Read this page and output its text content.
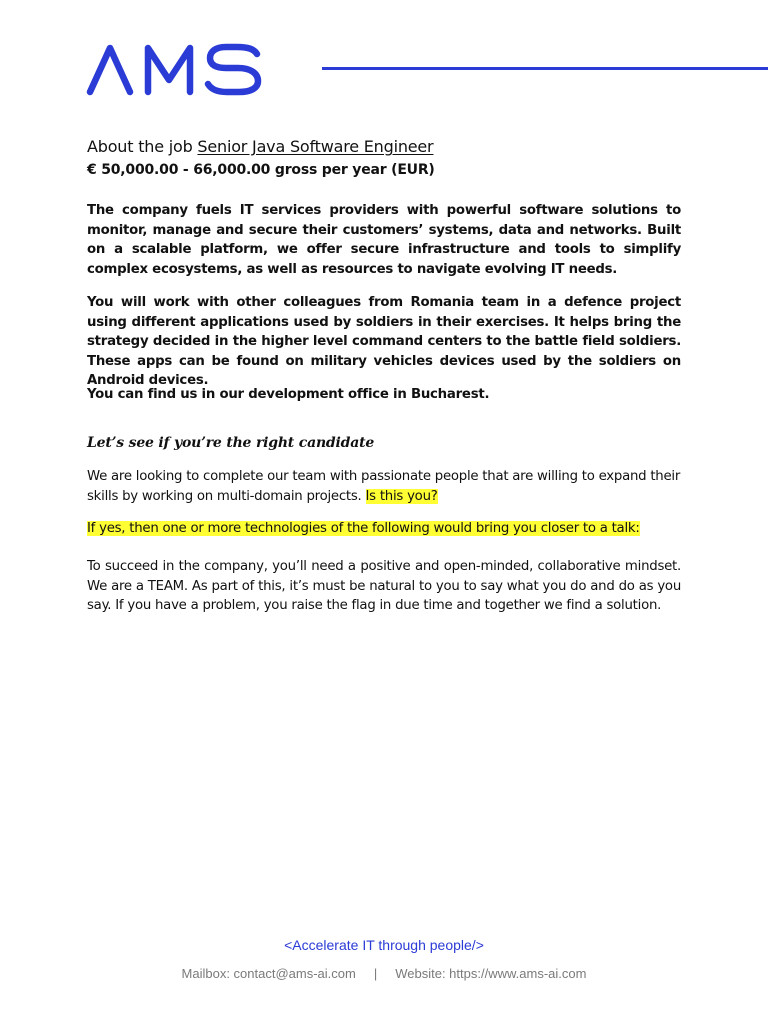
About the job Senior Java Software Engineer
€ 50,000.00 - 66,000.00 gross per year (EUR)

The company fuels IT services providers with powerful software solutions to monitor, manage and secure their customers’ systems, data and networks. Built on a scalable platform, we offer secure infrastructure and tools to simplify complex ecosystems, as well as resources to navigate evolving IT needs.

You will work with other colleagues from Romania team in a defence project using different applications used by soldiers in their exercises. It helps bring the strategy decided in the higher level command centers to the battle field soldiers. These apps can be found on military vehicles devices used by the soldiers on Android devices.

You can find us in our development office in Bucharest.

Let’s see if you’re the right candidate

We are looking to complete our team with passionate people that are willing to expand their skills by working on multi-domain projects. Is this you?

If yes, then one or more technologies of the following would bring you closer to a talk:

To succeed in the company, you’ll need a positive and open-minded, collaborative mindset. We are a TEAM. As part of this, it’s must be natural to you to say what you do and do as you say. If you have a problem, you raise the flag in due time and together we find a solution.

<Accelerate IT through people/>
Mailbox: contact@ams-ai.com | Website: https://www.ams-ai.com
